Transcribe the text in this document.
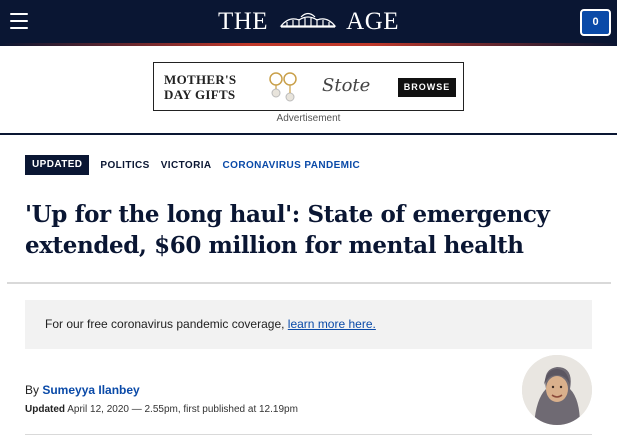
THE	AGE	0
MOTHER'S
DAY GIFTS	Stote	BROWSE
Advertisement
UPDATED	POLITICS VICTORIA CORONAVIRUS PANDEMIC
'Up for the long haul': State of emergency extended, $60 million for mental health
For our free coronavirus pandemic coverage, learn more here.
By Sumeyya Ilanbey
Updated April 12, 2020 — 2.55pm, first published at 12.19pm
